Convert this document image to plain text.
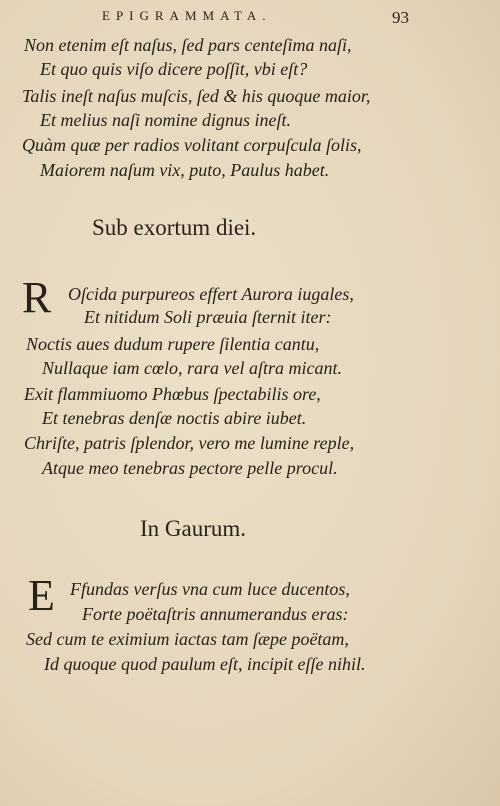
EPIGRAMMATA.	93
Non etenim eſt naſus, ſed pars centeſima naſi,
Et quo quis viſo dicere poſſit, vbi eſt?
Talis ineſt naſus muſcis, ſed & his quoque maior,
Et melius naſi nomine dignus ineſt.
Quàm quæ per radios volitant corpuſcula ſolis,
Maiorem naſum vix, puto, Paulus habet.
Sub exortum diei.
R Oſcida purpureos effert Aurora iugales,
Et nitidum Soli præuia ſternit iter:
Noctis aues dudum rupere ſilentia cantu,
Nullaque iam cœlo, rara vel aſtra micant.
Exit flammiuomo Phœbus ſpectabilis ore,
Et tenebras denſæ noctis abire iubet.
Chriſte, patris ſplendor, vero me lumine reple,
Atque meo tenebras pectore pelle procul.
In Gaurum.
E Ffundas verſus vna cum luce ducentos,
Forte poëtaſtris annumerandus eras:
Sed cum te eximium iactas tam ſæpe poëtam,
Id quoque quod paulum eſt, incipit eſſe nihil.
